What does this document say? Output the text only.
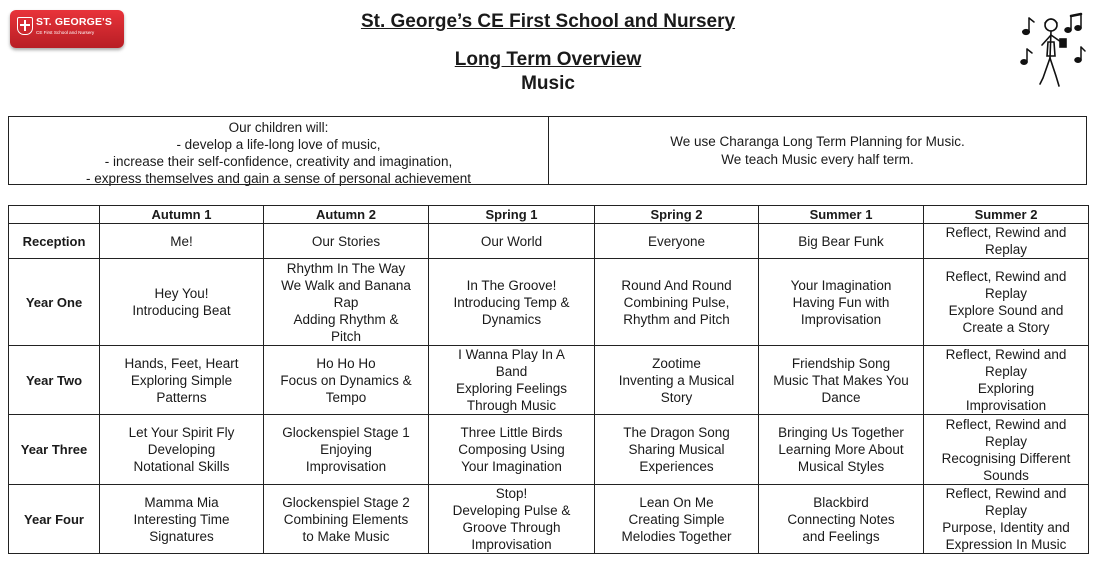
ST. GEORGE'S
CE First School and Nursery
St. George’s CE First School and Nursery
Long Term Overview
Music
Our children will:
- develop a life-long love of music,
- increase their self-confidence, creativity and imagination,
- express themselves and gain a sense of personal achievement
We use Charanga Long Term Planning for Music.
We teach Music every half term.
	Autumn 1	Autumn 2	Spring 1	Spring 2	Summer 1	Summer 2
Reception	Me!	Our Stories	Our World	Everyone	Big Bear Funk	Reflect, Rewind and
Replay

Year One	Hey You!
Introducing Beat	Rhythm In The Way
We Walk and Banana
Rap
Adding Rhythm &
Pitch	In The Groove!
Introducing Temp &
Dynamics	Round And Round
Combining Pulse,
Rhythm and Pitch	Your Imagination
Having Fun with
Improvisation	Reflect, Rewind and
Replay
Explore Sound and
Create a Story

Year Two	Hands, Feet, Heart
Exploring Simple
Patterns	Ho Ho Ho
Focus on Dynamics &
Tempo	I Wanna Play In A
Band
Exploring Feelings
Through Music	Zootime
Inventing a Musical
Story	Friendship Song
Music That Makes You
Dance	Reflect, Rewind and
Replay
Exploring
Improvisation

Year Three	Let Your Spirit Fly
Developing
Notational Skills	Glockenspiel Stage 1
Enjoying
Improvisation	Three Little Birds
Composing Using
Your Imagination	The Dragon Song
Sharing Musical
Experiences	Bringing Us Together
Learning More About
Musical Styles	Reflect, Rewind and
Replay
Recognising Different
Sounds

Year Four	Mamma Mia
Interesting Time
Signatures	Glockenspiel Stage 2
Combining Elements
to Make Music	Stop!
Developing Pulse &
Groove Through
Improvisation	Lean On Me
Creating Simple
Melodies Together	Blackbird
Connecting Notes
and Feelings	Reflect, Rewind and
Replay
Purpose, Identity and
Expression In Music
